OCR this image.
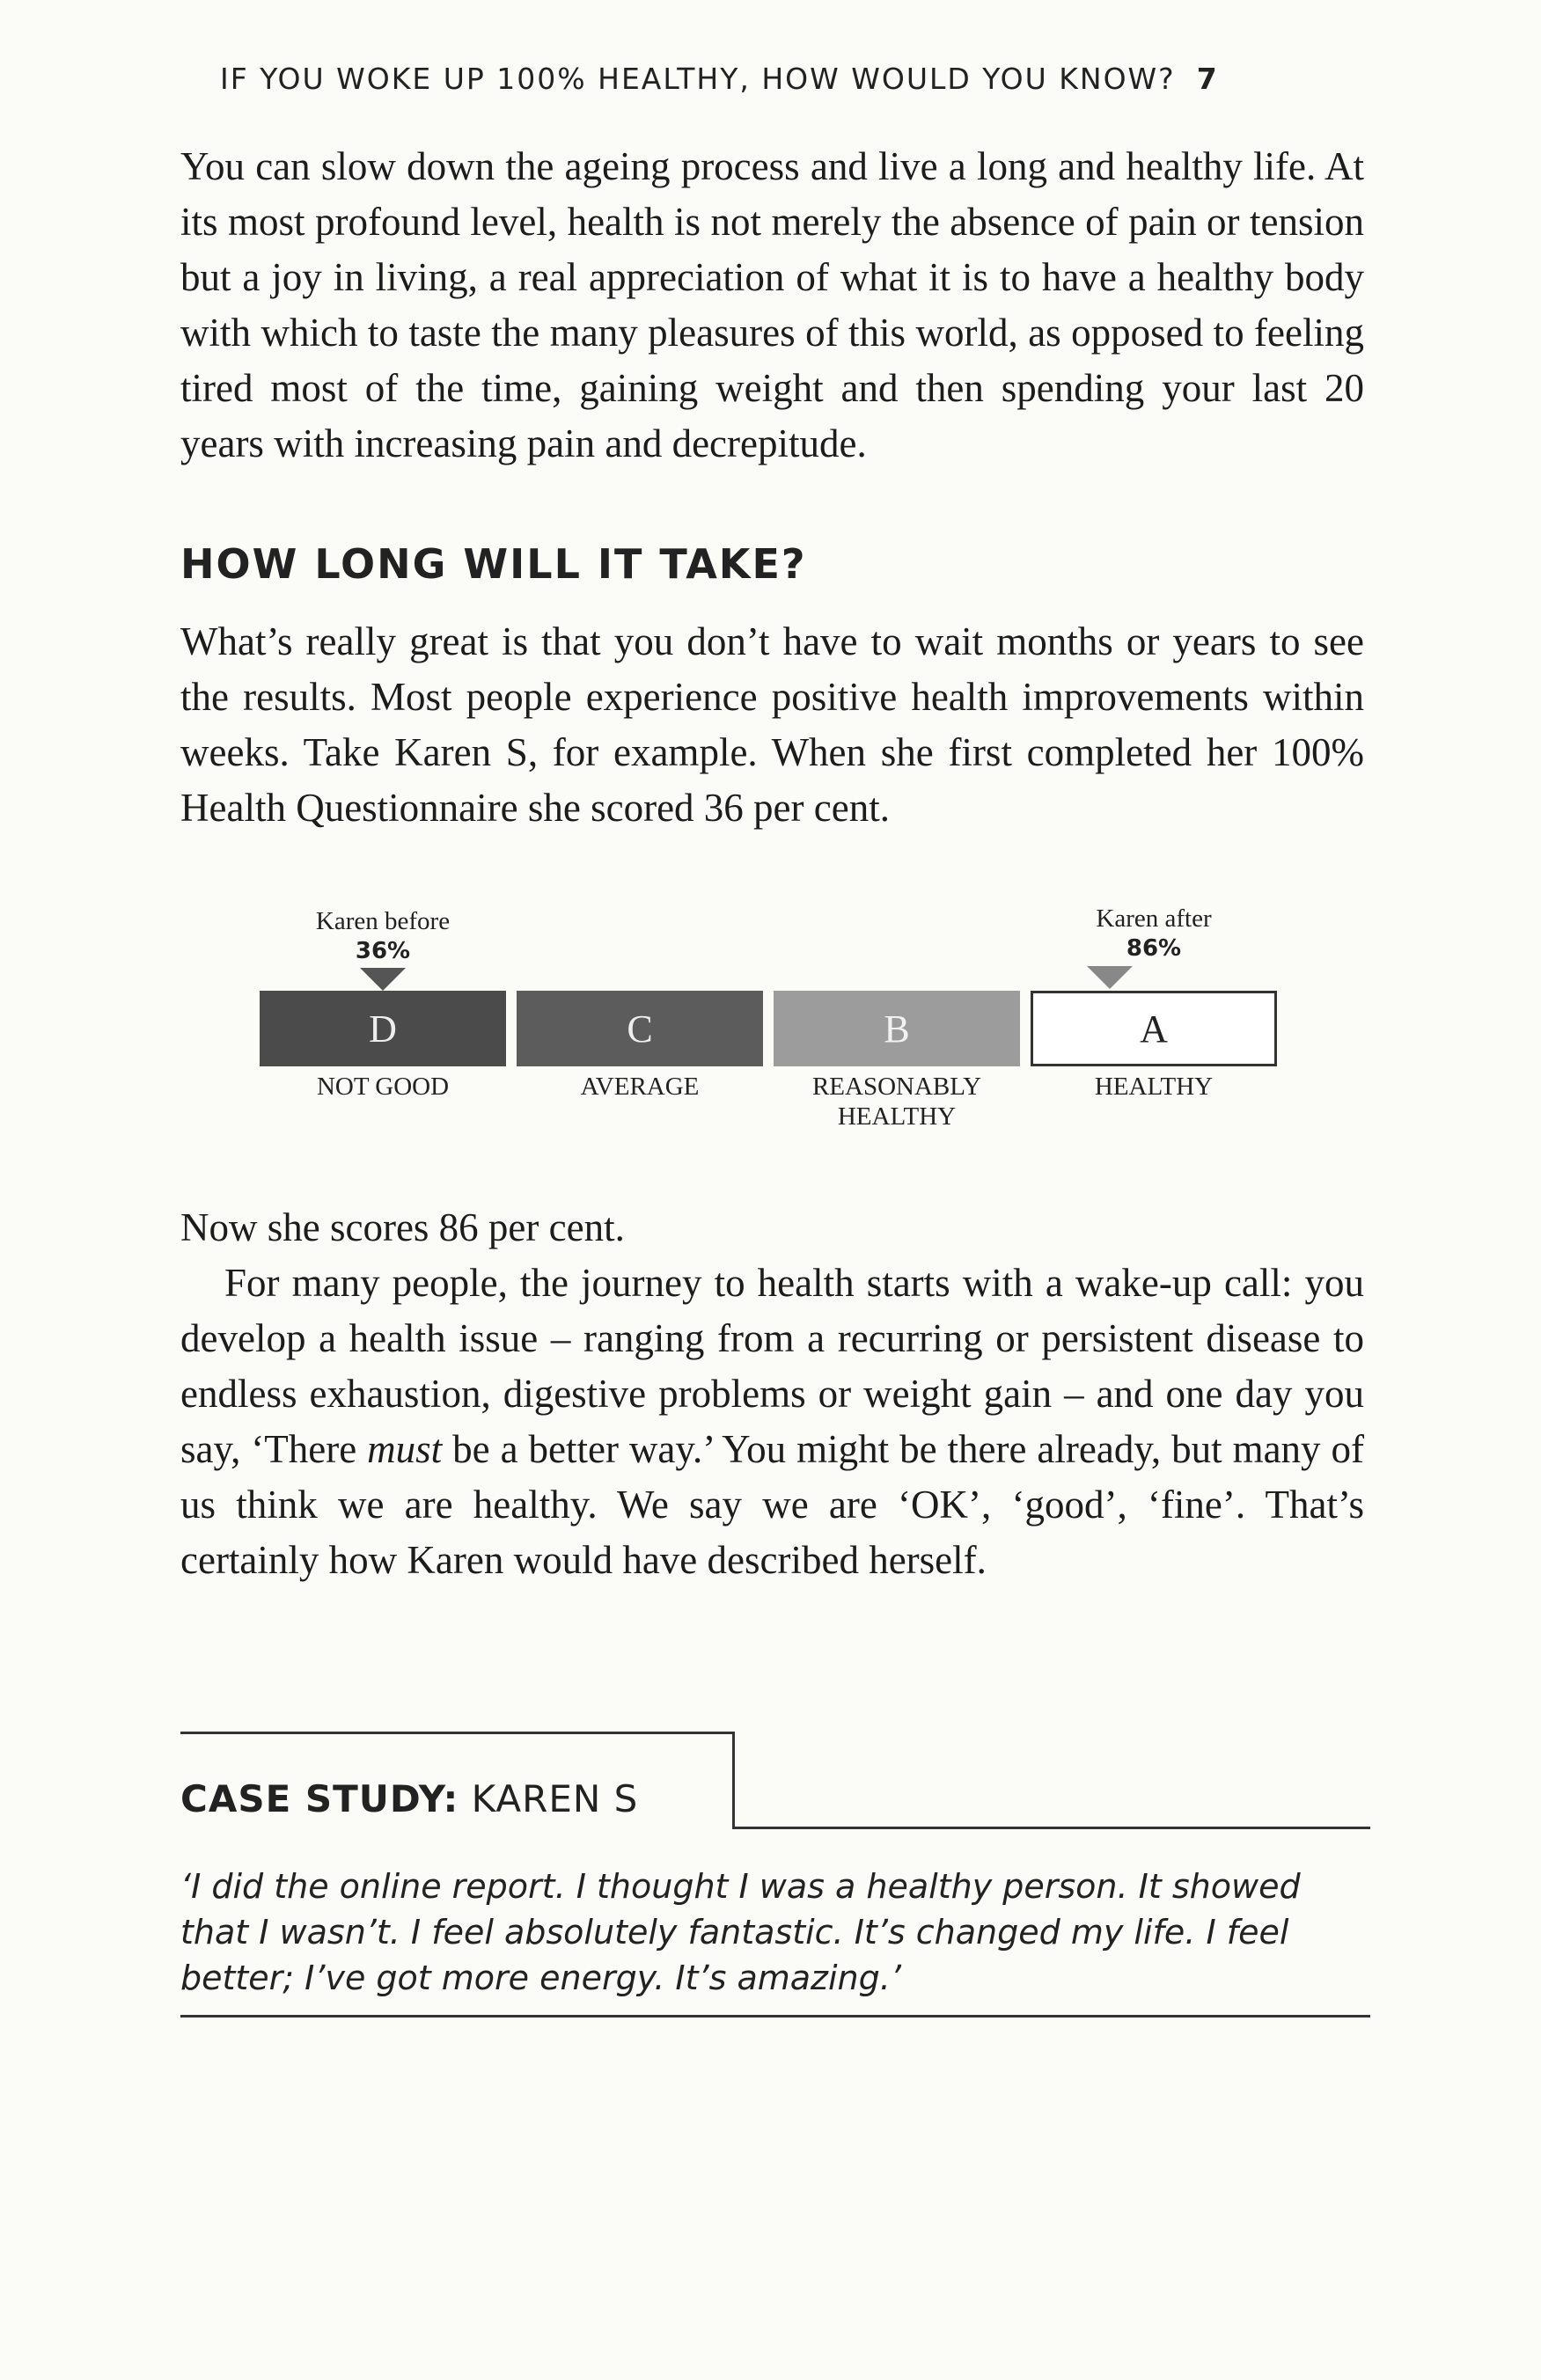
IF YOU WOKE UP 100% HEALTHY, HOW WOULD YOU KNOW? 7

You can slow down the ageing process and live a long and healthy life. At its most profound level, health is not merely the absence of pain or tension but a joy in living, a real appreciation of what it is to have a healthy body with which to taste the many pleasures of this world, as opposed to feeling tired most of the time, gaining weight and then spending your last 20 years with increasing pain and decrepitude.

HOW LONG WILL IT TAKE?

What’s really great is that you don’t have to wait months or years to see the results. Most people experience positive health improvements within weeks. Take Karen S, for example. When she first completed her 100% Health Questionnaire she scored 36 per cent.

Karen before
36%
Karen after
86%
D	C	B	A
NOT GOOD	AVERAGE	REASONABLY HEALTHY
HEALTHY

Now she scores 86 per cent.

For many people, the journey to health starts with a wake-up call: you develop a health issue – ranging from a recurring or persistent disease to endless exhaustion, digestive problems or weight gain – and one day you say, ‘There must be a better way.’ You might be there already, but many of us think we are healthy. We say we are ‘OK’, ‘good’, ‘fine’. That’s certainly how Karen would have described herself.

CASE STUDY: KAREN S
‘I did the online report. I thought I was a healthy person. It showed that I wasn’t. I feel absolutely fantastic. It’s changed my life. I feel better; I’ve got more energy. It’s amazing.’
